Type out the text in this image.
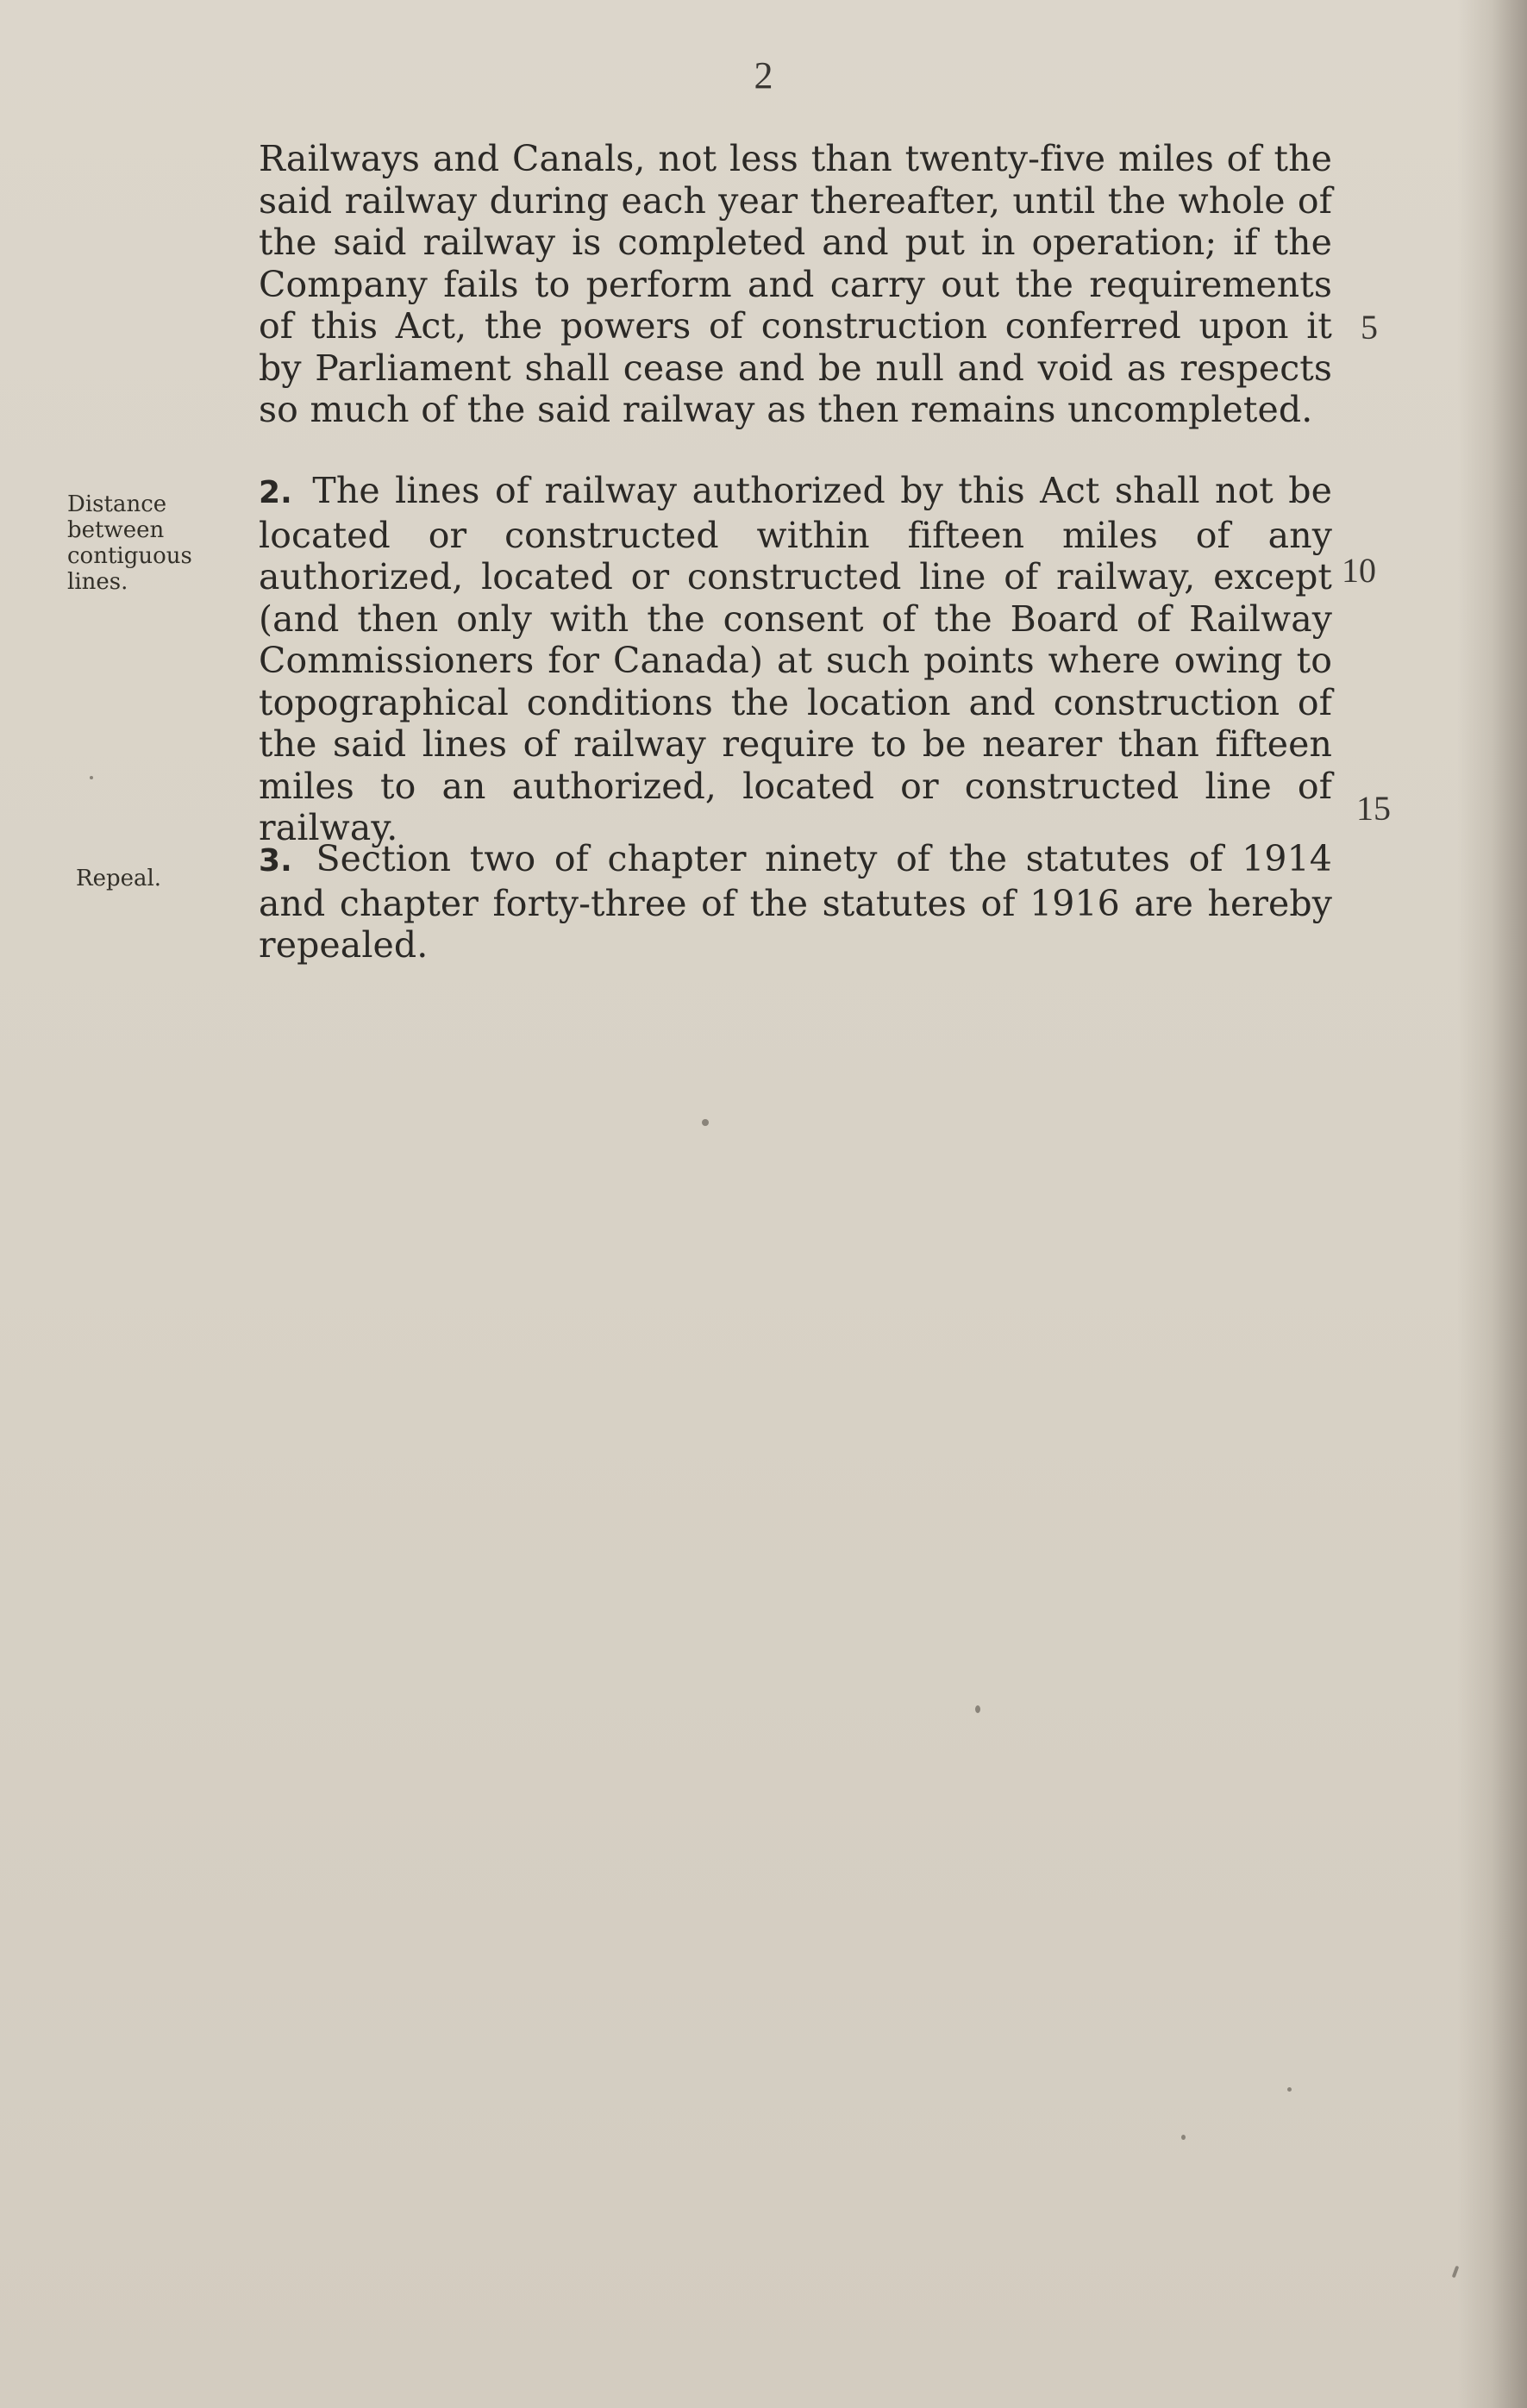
2
Railways and Canals, not less than twenty-five miles of the said railway during each year thereafter, until the whole of the said railway is completed and put in operation; if the Company fails to perform and carry out the requirements of this Act, the powers of construction conferred upon it by Parliament shall cease and be null and void as respects so much of the said railway as then remains uncompleted.
Distance between contiguous lines.
2. The lines of railway authorized by this Act shall not be located or constructed within fifteen miles of any authorized, located or constructed line of railway, except (and then only with the consent of the Board of Railway Commissioners for Canada) at such points where owing to topographical conditions the location and construction of the said lines of railway require to be nearer than fifteen miles to an authorized, located or constructed line of railway.
Repeal.	3. Section two of chapter ninety of the statutes of 1914 and chapter forty-three of the statutes of 1916 are hereby repealed.
5
10
15
